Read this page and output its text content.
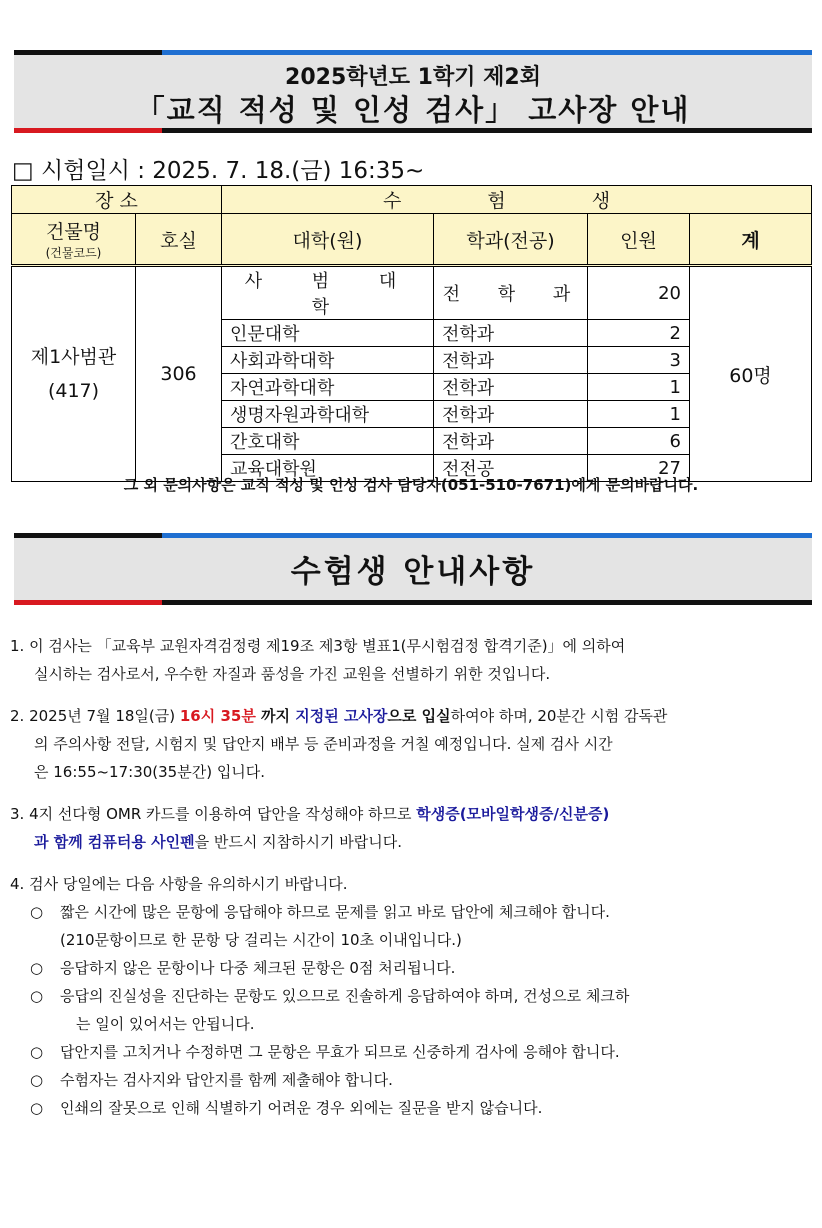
2025학년도 1학기 제2회
「교직 적성 및 인성 검사」 고사장 안내
□ 시험일시 : 2025. 7. 18.(금) 16:35~
장 소		수 험 생			
건물명
(건물코드)	호실	대학(원)	학과(전공)	인원	계

제1사범관
(417)	306	사 범 대 학	전 학 과	20	60명
		인문대학	전학과	2	
		사회과학대학	전학과	3	
		자연과학대학	전학과	1	
		생명자원과학대학	전학과	1	
		간호대학	전학과	6	
		교육대학원	전전공	27	
그 외 문의사항은 교직 적성 및 인성 검사 담당자(051-510-7671)에게 문의바랍니다.
수험생 안내사항
1. 이 검사는 「교육부 교원자격검정령 제19조 제3항 별표1(무시험검정 합격기준)」에 의하여
실시하는 검사로서, 우수한 자질과 품성을 가진 교원을 선별하기 위한 것입니다.
2. 2025년 7월 18일(금) 16시 35분 까지 지정된 고사장으로 입실하여야 하며, 20분간 시험 감독관
의 주의사항 전달, 시험지 및 답안지 배부 등 준비과정을 거칠 예정입니다. 실제 검사 시간
은 16:55~17:30(35분간) 입니다.
3. 4지 선다형 OMR 카드를 이용하여 답안을 작성해야 하므로 학생증(모바일학생증/신분증)
과 함께 컴퓨터용 사인펜을 반드시 지참하시기 바랍니다.
4. 검사 당일에는 다음 사항을 유의하시기 바랍니다.
○	짧은 시간에 많은 문항에 응답해야 하므로 문제를 읽고 바로 답안에 체크해야 합니다.
(210문항이므로 한 문항 당 걸리는 시간이 10초 이내입니다.)
○	응답하지 않은 문항이나 다중 체크된 문항은 0점 처리됩니다.
○	응답의 진실성을 진단하는 문항도 있으므로 진솔하게 응답하여야 하며, 건성으로 체크하
는 일이 있어서는 안됩니다.
○	답안지를 고치거나 수정하면 그 문항은 무효가 되므로 신중하게 검사에 응해야 합니다.
○	수험자는 검사지와 답안지를 함께 제출해야 합니다.
○	인쇄의 잘못으로 인해 식별하기 어려운 경우 외에는 질문을 받지 않습니다.
